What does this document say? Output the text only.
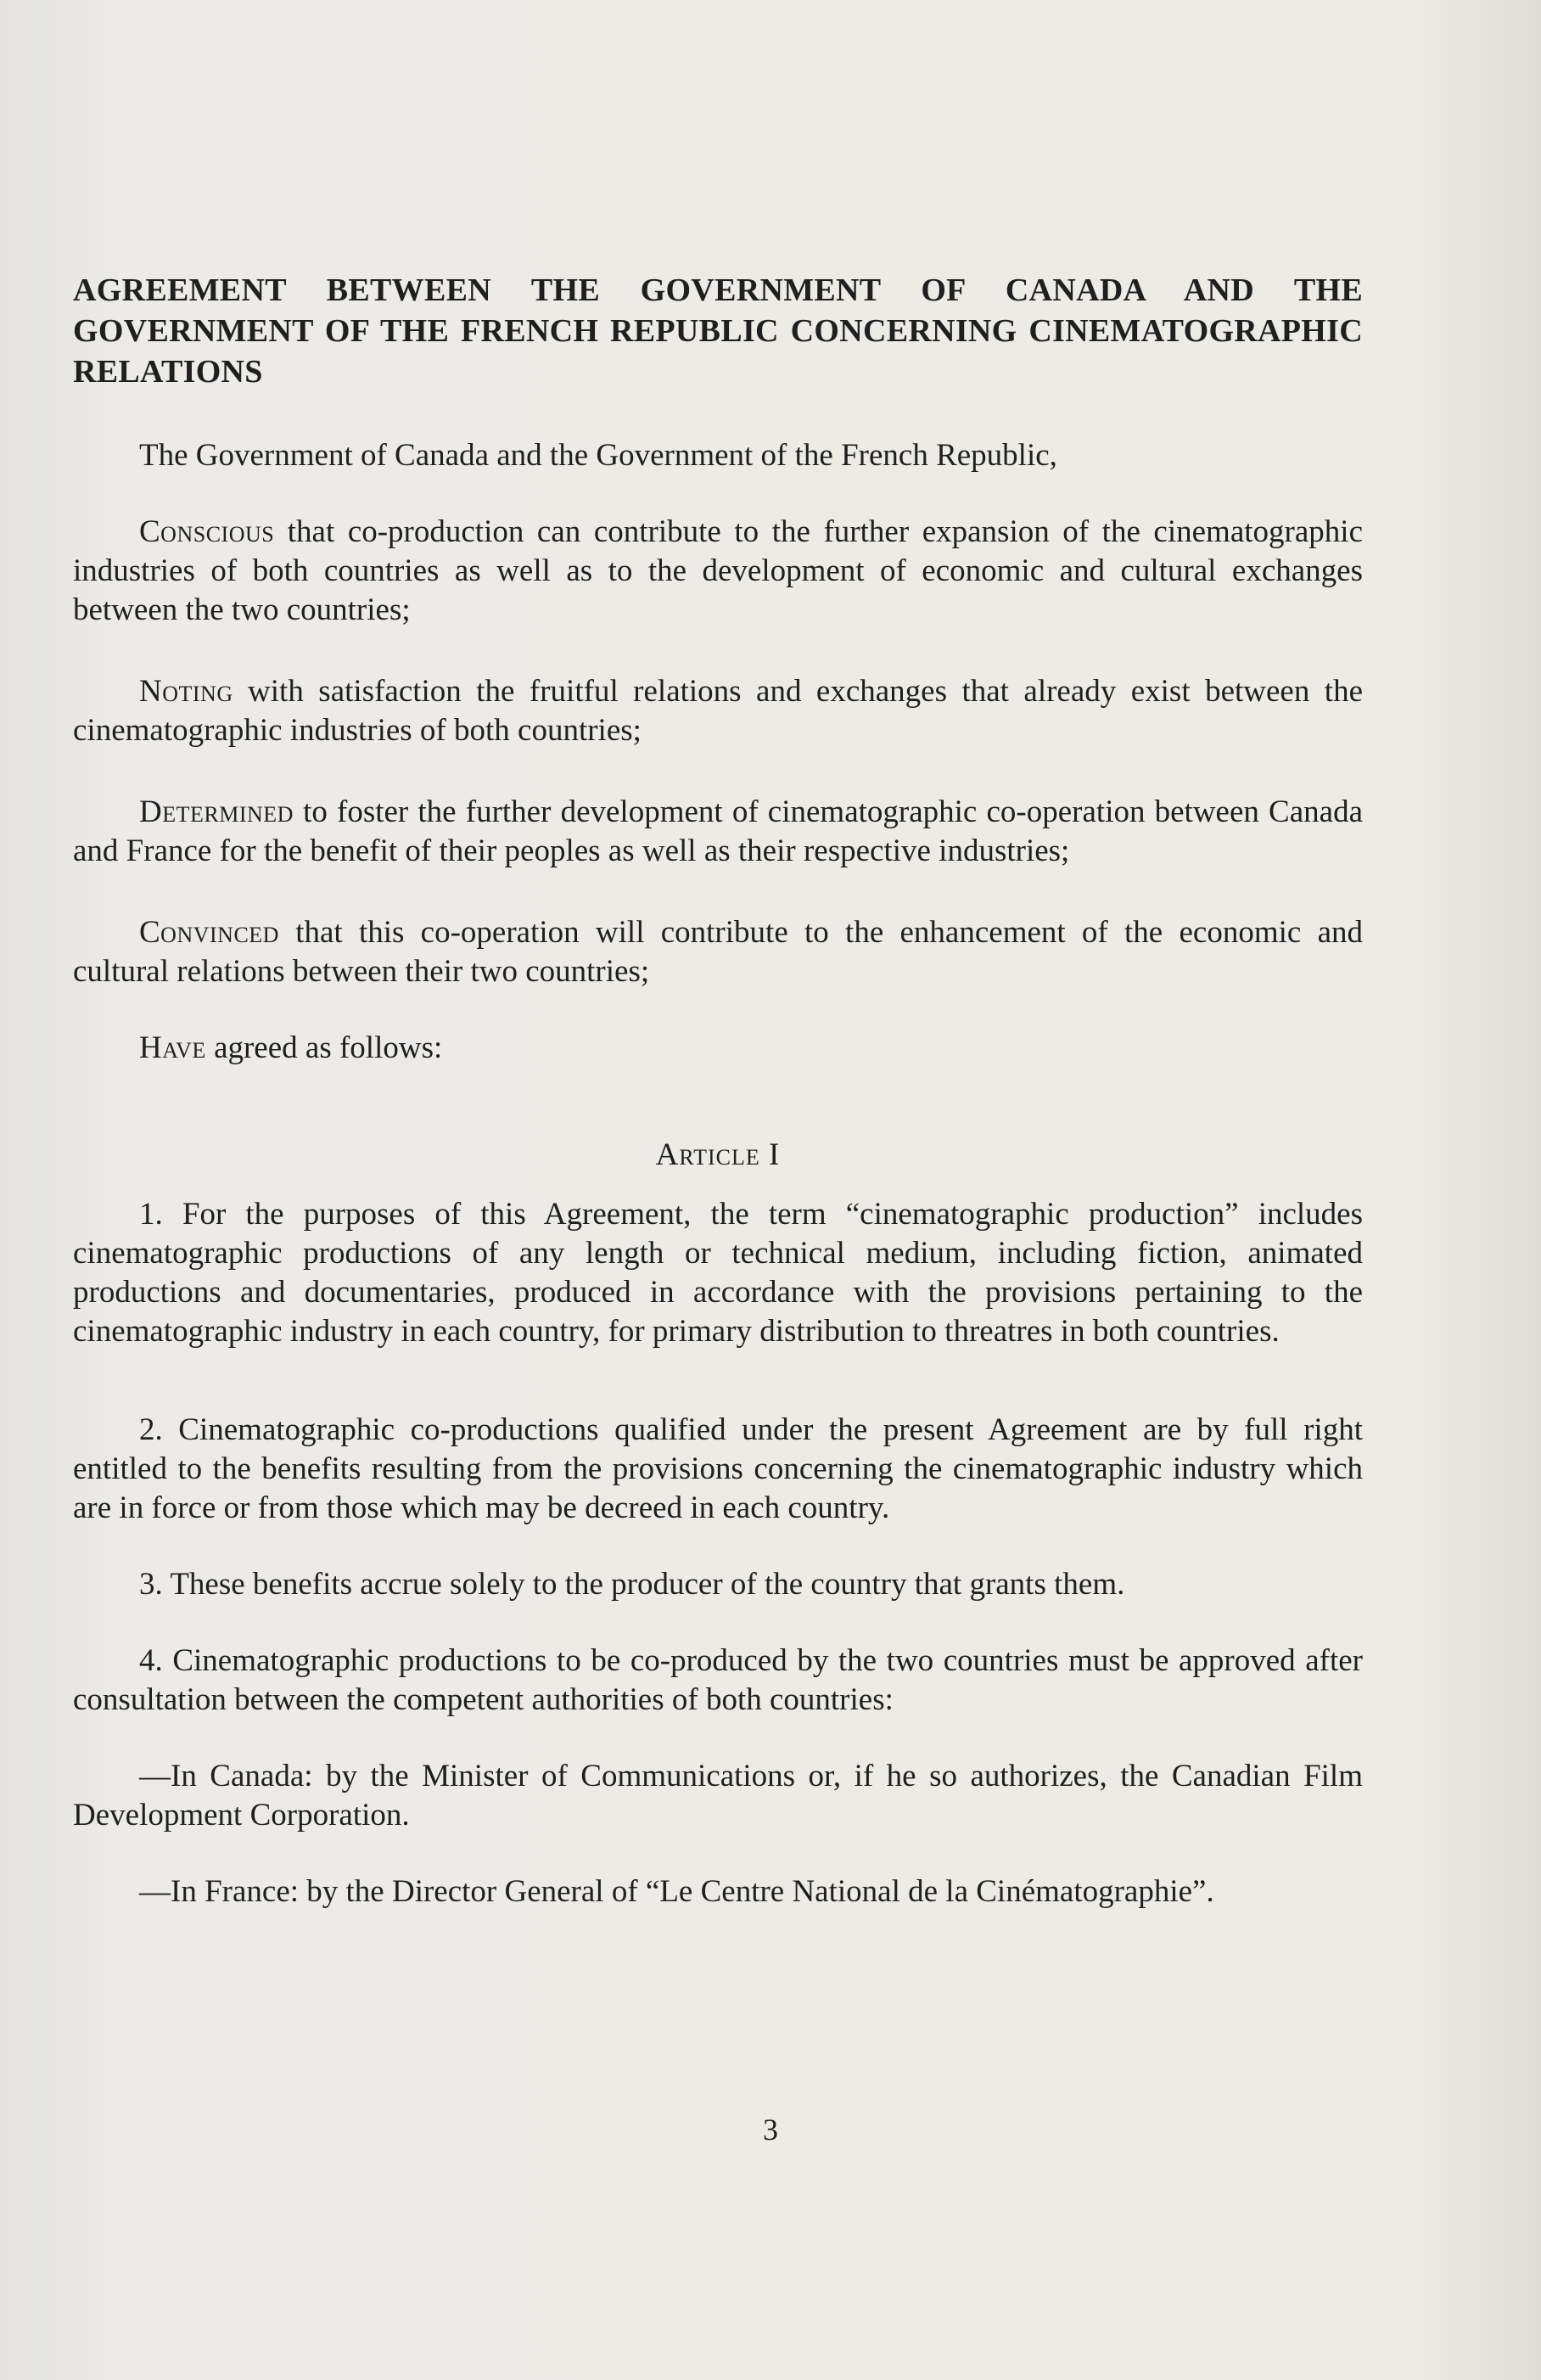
AGREEMENT BETWEEN THE GOVERNMENT OF CANADA AND THE GOVERNMENT OF THE FRENCH REPUBLIC CONCERNING CINEMATOGRAPHIC RELATIONS

The Government of Canada and the Government of the French Republic,

Conscious that co-production can contribute to the further expansion of the cinematographic industries of both countries as well as to the development of economic and cultural exchanges between the two countries;

Noting with satisfaction the fruitful relations and exchanges that already exist between the cinematographic industries of both countries;

Determined to foster the further development of cinematographic co-operation between Canada and France for the benefit of their peoples as well as their respective industries;

Convinced that this co-operation will contribute to the enhancement of the economic and cultural relations between their two countries;

Have agreed as follows:

Article I

1. For the purposes of this Agreement, the term “cinematographic production” includes cinematographic productions of any length or technical medium, including fiction, animated productions and documentaries, produced in accordance with the provisions pertaining to the cinematographic industry in each country, for primary distribution to threatres in both countries.

2. Cinematographic co-productions qualified under the present Agreement are by full right entitled to the benefits resulting from the provisions concerning the cinematographic industry which are in force or from those which may be decreed in each country.

3. These benefits accrue solely to the producer of the country that grants them.

4. Cinematographic productions to be co-produced by the two countries must be approved after consultation between the competent authorities of both countries:

—In Canada: by the Minister of Communications or, if he so authorizes, the Canadian Film Development Corporation.

—In France: by the Director General of “Le Centre National de la Cinématographie”.

3
